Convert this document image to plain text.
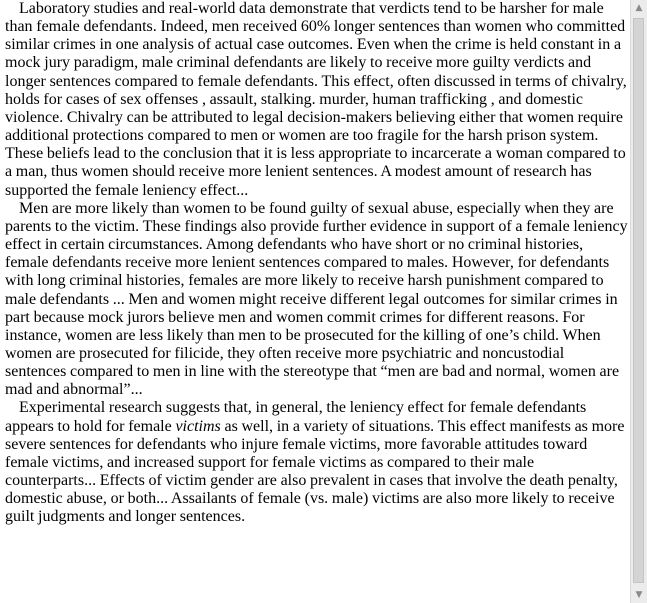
Laboratory studies and real-world data demonstrate that verdicts tend to be harsher for male than female defendants. Indeed, men received 60% longer sentences than women who committed similar crimes in one analysis of actual case outcomes. Even when the crime is held constant in a mock jury paradigm, male criminal defendants are likely to receive more guilty verdicts and longer sentences compared to female defendants. This effect, often discussed in terms of chivalry, holds for cases of sex offenses , assault, stalking. murder, human trafficking , and domestic violence. Chivalry can be attributed to legal decision-makers believing either that women require additional protections compared to men or women are too fragile for the harsh prison system. These beliefs lead to the conclusion that it is less appropriate to incarcerate a woman compared to a man, thus women should receive more lenient sentences. A modest amount of research has supported the female leniency effect...

Men are more likely than women to be found guilty of sexual abuse, especially when they are parents to the victim. These findings also provide further evidence in support of a female leniency effect in certain circumstances. Among defendants who have short or no criminal histories, female defendants receive more lenient sentences compared to males. However, for defendants with long criminal histories, females are more likely to receive harsh punishment compared to male defendants ... Men and women might receive different legal outcomes for similar crimes in part because mock jurors believe men and women commit crimes for different reasons. For instance, women are less likely than men to be prosecuted for the killing of one’s child. When women are prosecuted for filicide, they often receive more psychiatric and noncustodial sentences compared to men in line with the stereotype that “men are bad and normal, women are mad and abnormal”...

Experimental research suggests that, in general, the leniency effect for female defendants appears to hold for female victims as well, in a variety of situations. This effect manifests as more severe sentences for defendants who injure female victims, more favorable attitudes toward female victims, and increased support for female victims as compared to their male counterparts... Effects of victim gender are also prevalent in cases that involve the death penalty, domestic abuse, or both... Assailants of female (vs. male) victims are also more likely to receive guilt judgments and longer sentences.

▲
▼
